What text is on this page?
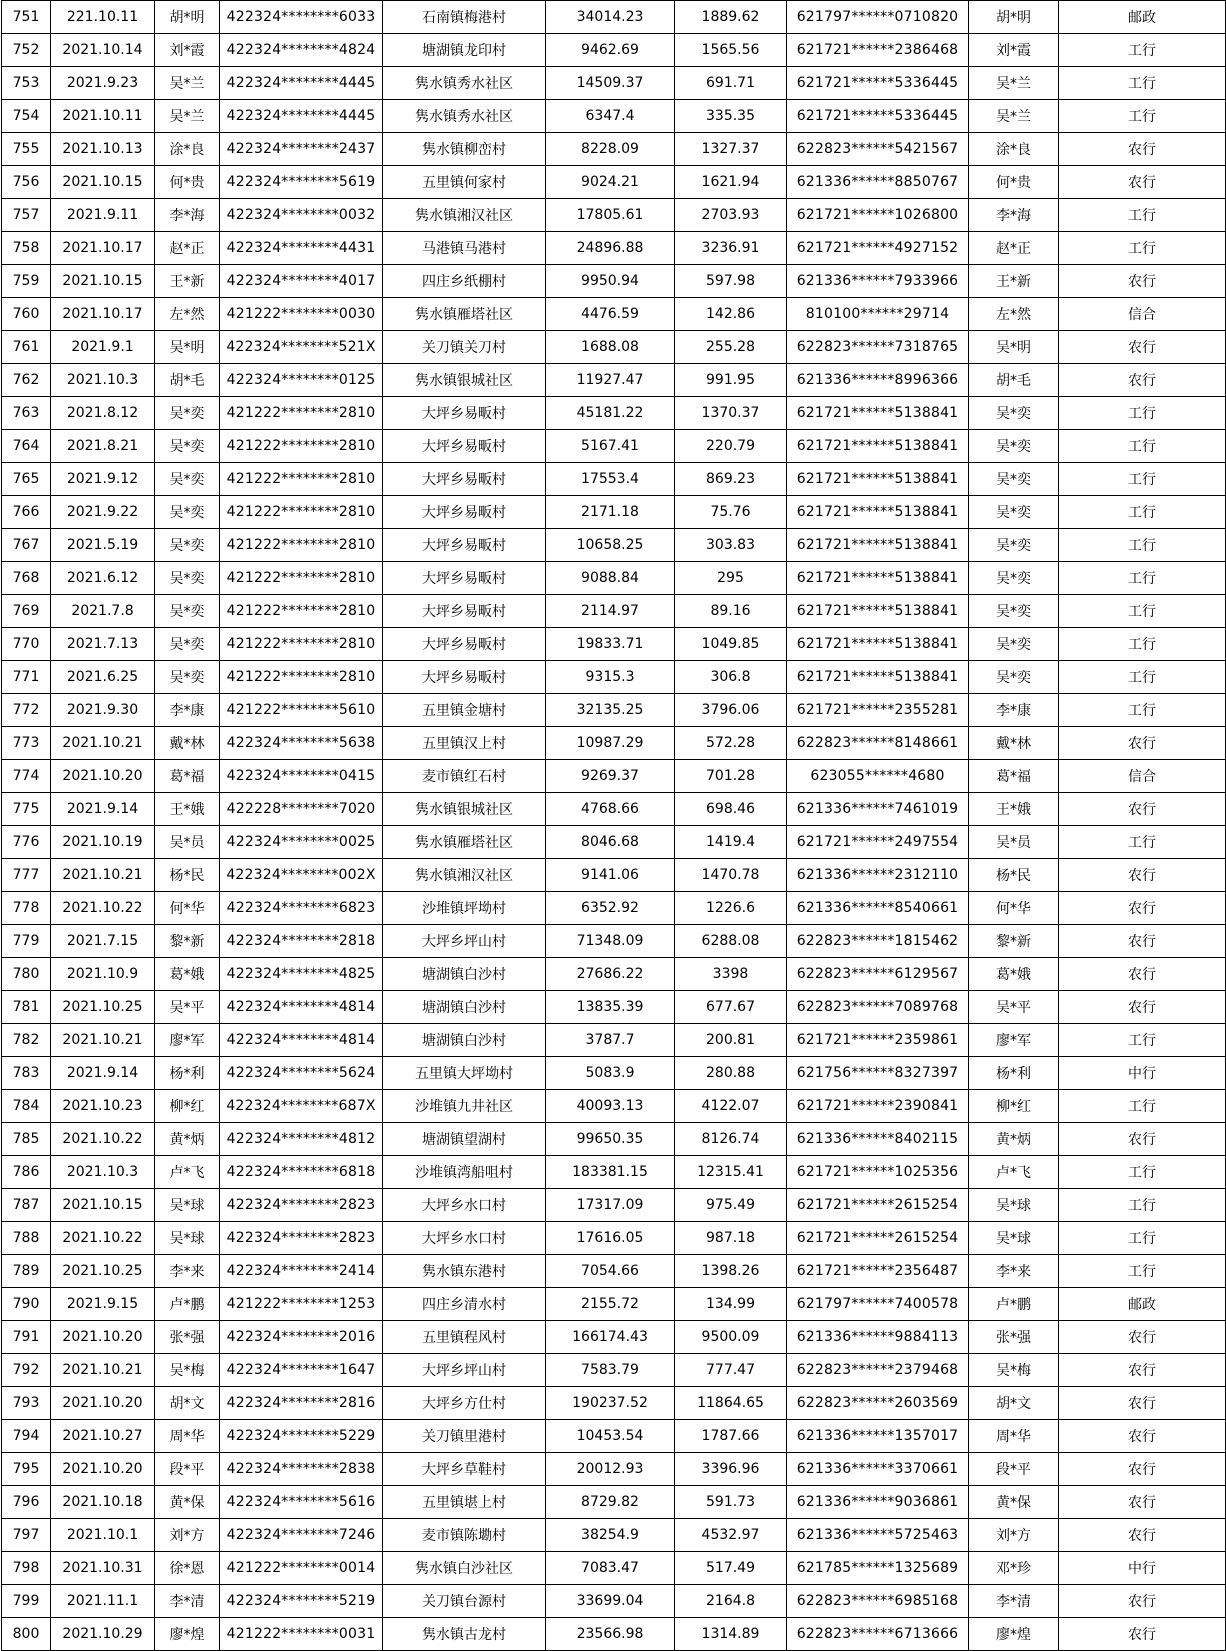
751	221.10.11	胡*明	422324********6033	石南镇梅港村	34014.23	1889.62	621797******0710820	胡*明	邮政
752	2021.10.14	刘*霞	422324********4824	塘湖镇龙印村	9462.69	1565.56	621721******2386468	刘*霞	工行
753	2021.9.23	吴*兰	422324********4445	隽水镇秀水社区	14509.37	691.71	621721******5336445	吴*兰	工行
754	2021.10.11	吴*兰	422324********4445	隽水镇秀水社区	6347.4	335.35	621721******5336445	吴*兰	工行
755	2021.10.13	涂*良	422324********2437	隽水镇柳峦村	8228.09	1327.37	622823******5421567	涂*良	农行
756	2021.10.15	何*贵	422324********5619	五里镇何家村	9024.21	1621.94	621336******8850767	何*贵	农行
757	2021.9.11	李*海	422324********0032	隽水镇湘汉社区	17805.61	2703.93	621721******1026800	李*海	工行
758	2021.10.17	赵*正	422324********4431	马港镇马港村	24896.88	3236.91	621721******4927152	赵*正	工行
759	2021.10.15	王*新	422324********4017	四庄乡纸棚村	9950.94	597.98	621336******7933966	王*新	农行
760	2021.10.17	左*然	421222********0030	隽水镇雁塔社区	4476.59	142.86	810100******29714	左*然	信合
761	2021.9.1	吴*明	422324********521X	关刀镇关刀村	1688.08	255.28	622823******7318765	吴*明	农行
762	2021.10.3	胡*毛	422324********0125	隽水镇银城社区	11927.47	991.95	621336******8996366	胡*毛	农行
763	2021.8.12	吴*奕	421222********2810	大坪乡易畈村	45181.22	1370.37	621721******5138841	吴*奕	工行
764	2021.8.21	吴*奕	421222********2810	大坪乡易畈村	5167.41	220.79	621721******5138841	吴*奕	工行
765	2021.9.12	吴*奕	421222********2810	大坪乡易畈村	17553.4	869.23	621721******5138841	吴*奕	工行
766	2021.9.22	吴*奕	421222********2810	大坪乡易畈村	2171.18	75.76	621721******5138841	吴*奕	工行
767	2021.5.19	吴*奕	421222********2810	大坪乡易畈村	10658.25	303.83	621721******5138841	吴*奕	工行
768	2021.6.12	吴*奕	421222********2810	大坪乡易畈村	9088.84	295	621721******5138841	吴*奕	工行
769	2021.7.8	吴*奕	421222********2810	大坪乡易畈村	2114.97	89.16	621721******5138841	吴*奕	工行
770	2021.7.13	吴*奕	421222********2810	大坪乡易畈村	19833.71	1049.85	621721******5138841	吴*奕	工行
771	2021.6.25	吴*奕	421222********2810	大坪乡易畈村	9315.3	306.8	621721******5138841	吴*奕	工行
772	2021.9.30	李*康	421222********5610	五里镇金塘村	32135.25	3796.06	621721******2355281	李*康	工行
773	2021.10.21	戴*林	422324********5638	五里镇汉上村	10987.29	572.28	622823******8148661	戴*林	农行
774	2021.10.20	葛*福	422324********0415	麦市镇红石村	9269.37	701.28	623055******4680	葛*福	信合
775	2021.9.14	王*娥	422228********7020	隽水镇银城社区	4768.66	698.46	621336******7461019	王*娥	农行
776	2021.10.19	吴*员	422324********0025	隽水镇雁塔社区	8046.68	1419.4	621721******2497554	吴*员	工行
777	2021.10.21	杨*民	422324********002X	隽水镇湘汉社区	9141.06	1470.78	621336******2312110	杨*民	农行
778	2021.10.22	何*华	422324********6823	沙堆镇坪坳村	6352.92	1226.6	621336******8540661	何*华	农行
779	2021.7.15	黎*新	422324********2818	大坪乡坪山村	71348.09	6288.08	622823******1815462	黎*新	农行
780	2021.10.9	葛*娥	422324********4825	塘湖镇白沙村	27686.22	3398	622823******6129567	葛*娥	农行
781	2021.10.25	吴*平	422324********4814	塘湖镇白沙村	13835.39	677.67	622823******7089768	吴*平	农行
782	2021.10.21	廖*军	422324********4814	塘湖镇白沙村	3787.7	200.81	621721******2359861	廖*军	工行
783	2021.9.14	杨*利	422324********5624	五里镇大坪坳村	5083.9	280.88	621756******8327397	杨*利	中行
784	2021.10.23	柳*红	422324********687X	沙堆镇九井社区	40093.13	4122.07	621721******2390841	柳*红	工行
785	2021.10.22	黄*炳	422324********4812	塘湖镇望湖村	99650.35	8126.74	621336******8402115	黄*炳	农行
786	2021.10.3	卢*飞	422324********6818	沙堆镇湾船咀村	183381.15	12315.41	621721******1025356	卢*飞	工行
787	2021.10.15	吴*球	422324********2823	大坪乡水口村	17317.09	975.49	621721******2615254	吴*球	工行
788	2021.10.22	吴*球	422324********2823	大坪乡水口村	17616.05	987.18	621721******2615254	吴*球	工行
789	2021.10.25	李*来	422324********2414	隽水镇东港村	7054.66	1398.26	621721******2356487	李*来	工行
790	2021.9.15	卢*鹏	421222********1253	四庄乡清水村	2155.72	134.99	621797******7400578	卢*鹏	邮政
791	2021.10.20	张*强	422324********2016	五里镇程风村	166174.43	9500.09	621336******9884113	张*强	农行
792	2021.10.21	吴*梅	422324********1647	大坪乡坪山村	7583.79	777.47	622823******2379468	吴*梅	农行
793	2021.10.20	胡*文	422324********2816	大坪乡方仕村	190237.52	11864.65	622823******2603569	胡*文	农行
794	2021.10.27	周*华	422324********5229	关刀镇里港村	10453.54	1787.66	621336******1357017	周*华	农行
795	2021.10.20	段*平	422324********2838	大坪乡草鞋村	20012.93	3396.96	621336******3370661	段*平	农行
796	2021.10.18	黄*保	422324********5616	五里镇堪上村	8729.82	591.73	621336******9036861	黄*保	农行
797	2021.10.1	刘*方	422324********7246	麦市镇陈墈村	38254.9	4532.97	621336******5725463	刘*方	农行
798	2021.10.31	徐*恩	421222********0014	隽水镇白沙社区	7083.47	517.49	621785******1325689	邓*珍	中行
799	2021.11.1	李*清	422324********5219	关刀镇台源村	33699.04	2164.8	622823******6985168	李*清	农行
800	2021.10.29	廖*煌	421222********0031	隽水镇古龙村	23566.98	1314.89	622823******6713666	廖*煌	农行
